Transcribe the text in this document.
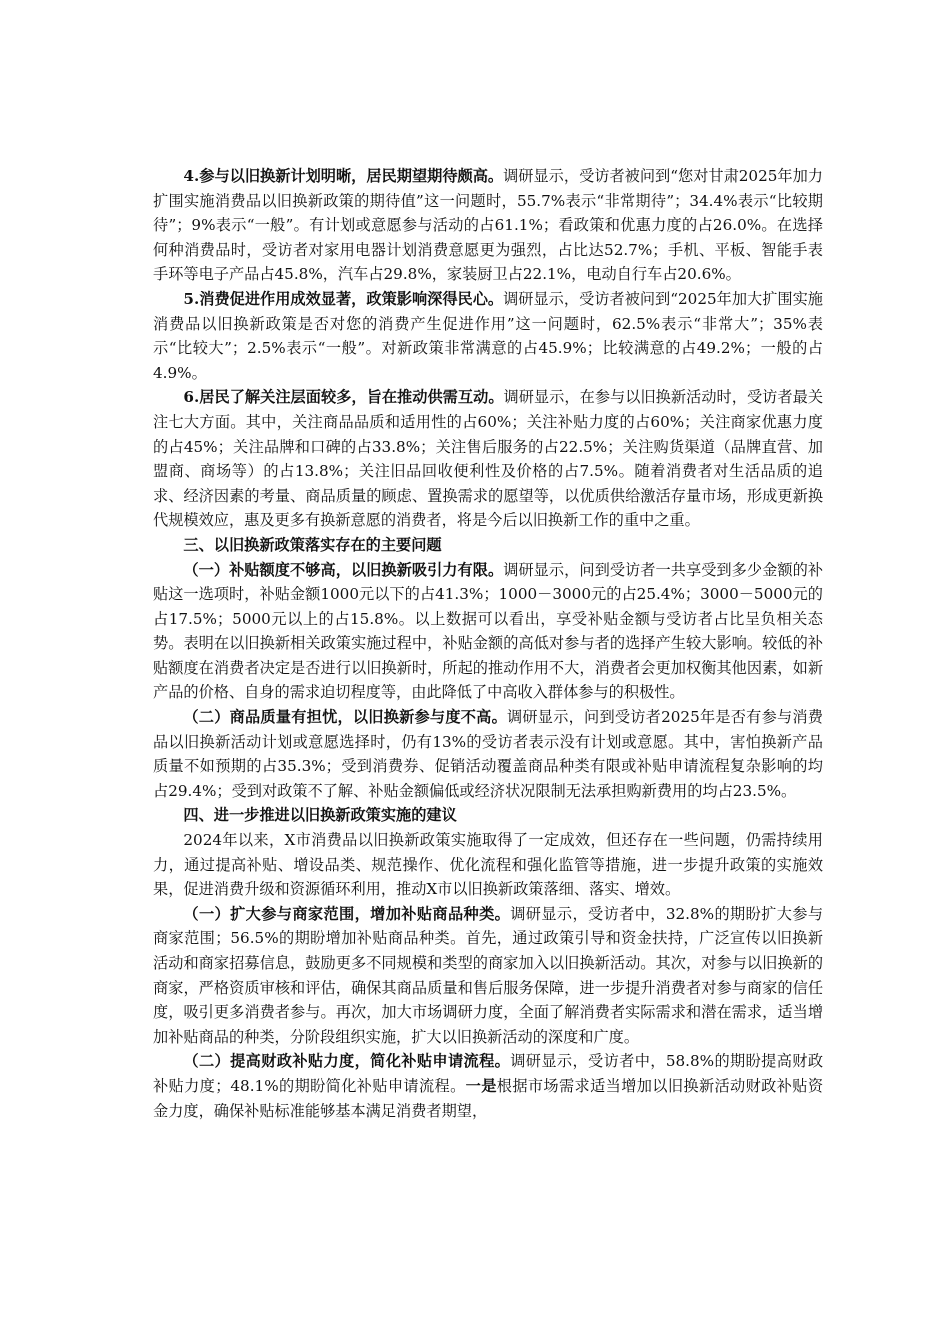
4.参与以旧换新计划明晰，居民期望期待颇高。调研显示，受访者被问到“您对甘肃2025年加力扩围实施消费品以旧换新政策的期待值”这一问题时，55.7%表示“非常期待”；34.4%表示“比较期待”；9%表示“一般”。有计划或意愿参与活动的占61.1%；看政策和优惠力度的占26.0%。在选择何种消费品时，受访者对家用电器计划消费意愿更为强烈，占比达52.7%；手机、平板、智能手表手环等电子产品占45.8%，汽车占29.8%，家装厨卫占22.1%，电动自行车占20.6%。

5.消费促进作用成效显著，政策影响深得民心。调研显示，受访者被问到“2025年加大扩围实施消费品以旧换新政策是否对您的消费产生促进作用”这一问题时，62.5%表示“非常大”；35%表示“比较大”；2.5%表示“一般”。对新政策非常满意的占45.9%；比较满意的占49.2%；一般的占4.9%。

6.居民了解关注层面较多，旨在推动供需互动。调研显示，在参与以旧换新活动时，受访者最关注七大方面。其中，关注商品品质和适用性的占60%；关注补贴力度的占60%；关注商家优惠力度的占45%；关注品牌和口碑的占33.8%；关注售后服务的占22.5%；关注购货渠道（品牌直营、加盟商、商场等）的占13.8%；关注旧品回收便利性及价格的占7.5%。随着消费者对生活品质的追求、经济因素的考量、商品质量的顾虑、置换需求的愿望等，以优质供给激活存量市场，形成更新换代规模效应，惠及更多有换新意愿的消费者，将是今后以旧换新工作的重中之重。

三、以旧换新政策落实存在的主要问题

（一）补贴额度不够高，以旧换新吸引力有限。调研显示，问到受访者一共享受到多少金额的补贴这一选项时，补贴金额1000元以下的占41.3%；1000－3000元的占25.4%；3000－5000元的占17.5%；5000元以上的占15.8%。以上数据可以看出，享受补贴金额与受访者占比呈负相关态势。表明在以旧换新相关政策实施过程中，补贴金额的高低对参与者的选择产生较大影响。较低的补贴额度在消费者决定是否进行以旧换新时，所起的推动作用不大，消费者会更加权衡其他因素，如新产品的价格、自身的需求迫切程度等，由此降低了中高收入群体参与的积极性。

（二）商品质量有担忧，以旧换新参与度不高。调研显示，问到受访者2025年是否有参与消费品以旧换新活动计划或意愿选择时，仍有13%的受访者表示没有计划或意愿。其中，害怕换新产品质量不如预期的占35.3%；受到消费券、促销活动覆盖商品种类有限或补贴申请流程复杂影响的均占29.4%；受到对政策不了解、补贴金额偏低或经济状况限制无法承担购新费用的均占23.5%。

四、进一步推进以旧换新政策实施的建议

2024年以来，X市消费品以旧换新政策实施取得了一定成效，但还存在一些问题，仍需持续用力，通过提高补贴、增设品类、规范操作、优化流程和强化监管等措施，进一步提升政策的实施效果，促进消费升级和资源循环利用，推动X市以旧换新政策落细、落实、增效。

（一）扩大参与商家范围，增加补贴商品种类。调研显示，受访者中，32.8%的期盼扩大参与商家范围；56.5%的期盼增加补贴商品种类。首先，通过政策引导和资金扶持，广泛宣传以旧换新活动和商家招募信息，鼓励更多不同规模和类型的商家加入以旧换新活动。其次，对参与以旧换新的商家，严格资质审核和评估，确保其商品质量和售后服务保障，进一步提升消费者对参与商家的信任度，吸引更多消费者参与。再次，加大市场调研力度，全面了解消费者实际需求和潜在需求，适当增加补贴商品的种类，分阶段组织实施，扩大以旧换新活动的深度和广度。

（二）提高财政补贴力度，简化补贴申请流程。调研显示，受访者中，58.8%的期盼提高财政补贴力度；48.1%的期盼简化补贴申请流程。一是根据市场需求适当增加以旧换新活动财政补贴资金力度，确保补贴标准能够基本满足消费者期望，
